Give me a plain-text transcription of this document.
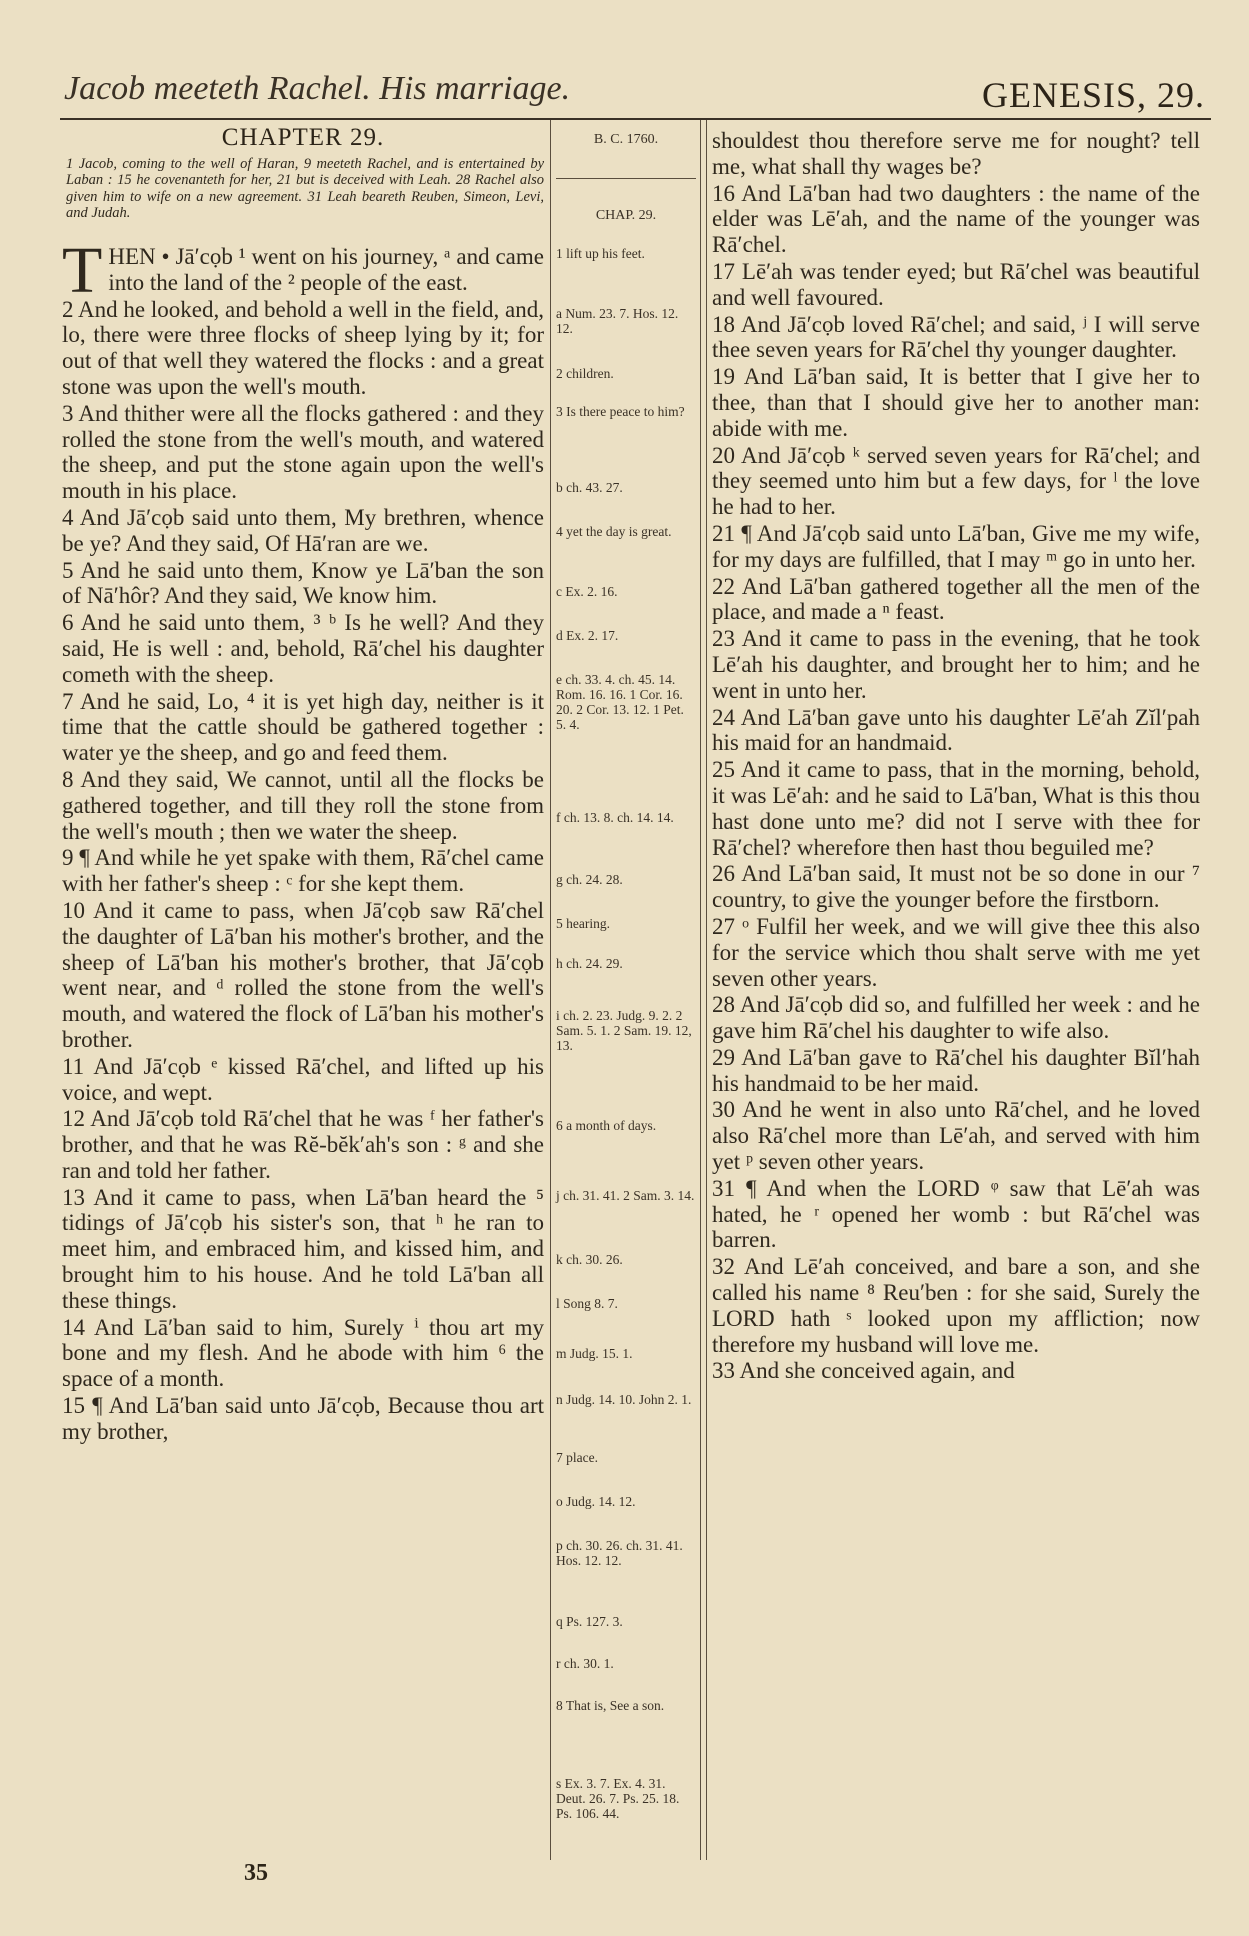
Jacob meeteth Rachel. His marriage.	GENESIS, 29.
CHAPTER 29.
1 Jacob, coming to the well of Haran, 9 meeteth Rachel, and is entertained by Laban : 15 he covenanteth for her, 21 but is deceived with Leah. 28 Rachel also given him to wife on a new agreement. 31 Leah beareth Reuben, Simeon, Levi, and Judah.

THEN • Jā′cọb ¹ went on his journey, ᵃ and came into the land of the ² people of the east.

2 And he looked, and behold a well in the field, and, lo, there were three flocks of sheep lying by it; for out of that well they watered the flocks : and a great stone was upon the well's mouth.

3 And thither were all the flocks gathered : and they rolled the stone from the well's mouth, and watered the sheep, and put the stone again upon the well's mouth in his place.

4 And Jā′cọb said unto them, My brethren, whence be ye? And they said, Of Hā′ran are we.

5 And he said unto them, Know ye Lā′ban the son of Nā′hôr? And they said, We know him.

6 And he said unto them, ³ ᵇ Is he well? And they said, He is well : and, behold, Rā′chel his daughter cometh with the sheep.

7 And he said, Lo, ⁴ it is yet high day, neither is it time that the cattle should be gathered together : water ye the sheep, and go and feed them.

8 And they said, We cannot, until all the flocks be gathered together, and till they roll the stone from the well's mouth ; then we water the sheep.

9 ¶ And while he yet spake with them, Rā′chel came with her father's sheep : ᶜ for she kept them.

10 And it came to pass, when Jā′cọb saw Rā′chel the daughter of Lā′ban his mother's brother, and the sheep of Lā′ban his mother's brother, that Jā′cọb went near, and ᵈ rolled the stone from the well's mouth, and watered the flock of Lā′ban his mother's brother.

11 And Jā′cọb ᵉ kissed Rā′chel, and lifted up his voice, and wept.

12 And Jā′cọb told Rā′chel that he was ᶠ her father's brother, and that he was Rĕ-bĕk′ah's son : ᵍ and she ran and told her father.

13 And it came to pass, when Lā′ban heard the ⁵ tidings of Jā′cọb his sister's son, that ʰ he ran to meet him, and embraced him, and kissed him, and brought him to his house. And he told Lā′ban all these things.

14 And Lā′ban said to him, Surely ⁱ thou art my bone and my flesh. And he abode with him ⁶ the space of a month.

15 ¶ And Lā′ban said unto Jā′cọb, Because thou art my brother,

B. C. 1760.
CHAP. 29.
1 lift up his feet.
a Num. 23. 7. Hos. 12. 12.
2 children.
3 Is there peace to him?
b ch. 43. 27.
4 yet the day is great.
c Ex. 2. 16.
d Ex. 2. 17.
e ch. 33. 4. ch. 45. 14. Rom. 16. 16. 1 Cor. 16. 20. 2 Cor. 13. 12. 1 Pet. 5. 4.
f ch. 13. 8. ch. 14. 14.
g ch. 24. 28.
5 hearing.
h ch. 24. 29.
i ch. 2. 23. Judg. 9. 2. 2 Sam. 5. 1. 2 Sam. 19. 12, 13.
6 a month of days.
j ch. 31. 41. 2 Sam. 3. 14.
k ch. 30. 26.
l Song 8. 7.
m Judg. 15. 1.
n Judg. 14. 10. John 2. 1.
7 place.
o Judg. 14. 12.
p ch. 30. 26. ch. 31. 41. Hos. 12. 12.
q Ps. 127. 3.
r ch. 30. 1.
8 That is, See a son.
s Ex. 3. 7. Ex. 4. 31. Deut. 26. 7. Ps. 25. 18. Ps. 106. 44.

shouldest thou therefore serve me for nought? tell me, what shall thy wages be?

16 And Lā′ban had two daughters : the name of the elder was Lē′ah, and the name of the younger was Rā′chel.

17 Lē′ah was tender eyed; but Rā′chel was beautiful and well favoured.

18 And Jā′cọb loved Rā′chel; and said, ʲ I will serve thee seven years for Rā′chel thy younger daughter.

19 And Lā′ban said, It is better that I give her to thee, than that I should give her to another man: abide with me.

20 And Jā′cọb ᵏ served seven years for Rā′chel; and they seemed unto him but a few days, for ˡ the love he had to her.

21 ¶ And Jā′cọb said unto Lā′ban, Give me my wife, for my days are fulfilled, that I may ᵐ go in unto her.

22 And Lā′ban gathered together all the men of the place, and made a ⁿ feast.

23 And it came to pass in the evening, that he took Lē′ah his daughter, and brought her to him; and he went in unto her.

24 And Lā′ban gave unto his daughter Lē′ah Zĭl′pah his maid for an handmaid.

25 And it came to pass, that in the morning, behold, it was Lē′ah: and he said to Lā′ban, What is this thou hast done unto me? did not I serve with thee for Rā′chel? wherefore then hast thou beguiled me?

26 And Lā′ban said, It must not be so done in our ⁷ country, to give the younger before the firstborn.

27 ᵒ Fulfil her week, and we will give thee this also for the service which thou shalt serve with me yet seven other years.

28 And Jā′cọb did so, and fulfilled her week : and he gave him Rā′chel his daughter to wife also.

29 And Lā′ban gave to Rā′chel his daughter Bĭl′hah his handmaid to be her maid.

30 And he went in also unto Rā′chel, and he loved also Rā′chel more than Lē′ah, and served with him yet ᵖ seven other years.

31 ¶ And when the LORD ᵠ saw that Lē′ah was hated, he ʳ opened her womb : but Rā′chel was barren.

32 And Lē′ah conceived, and bare a son, and she called his name ⁸ Reu′ben : for she said, Surely the LORD hath ˢ looked upon my affliction; now therefore my husband will love me.

33 And she conceived again, and

35
